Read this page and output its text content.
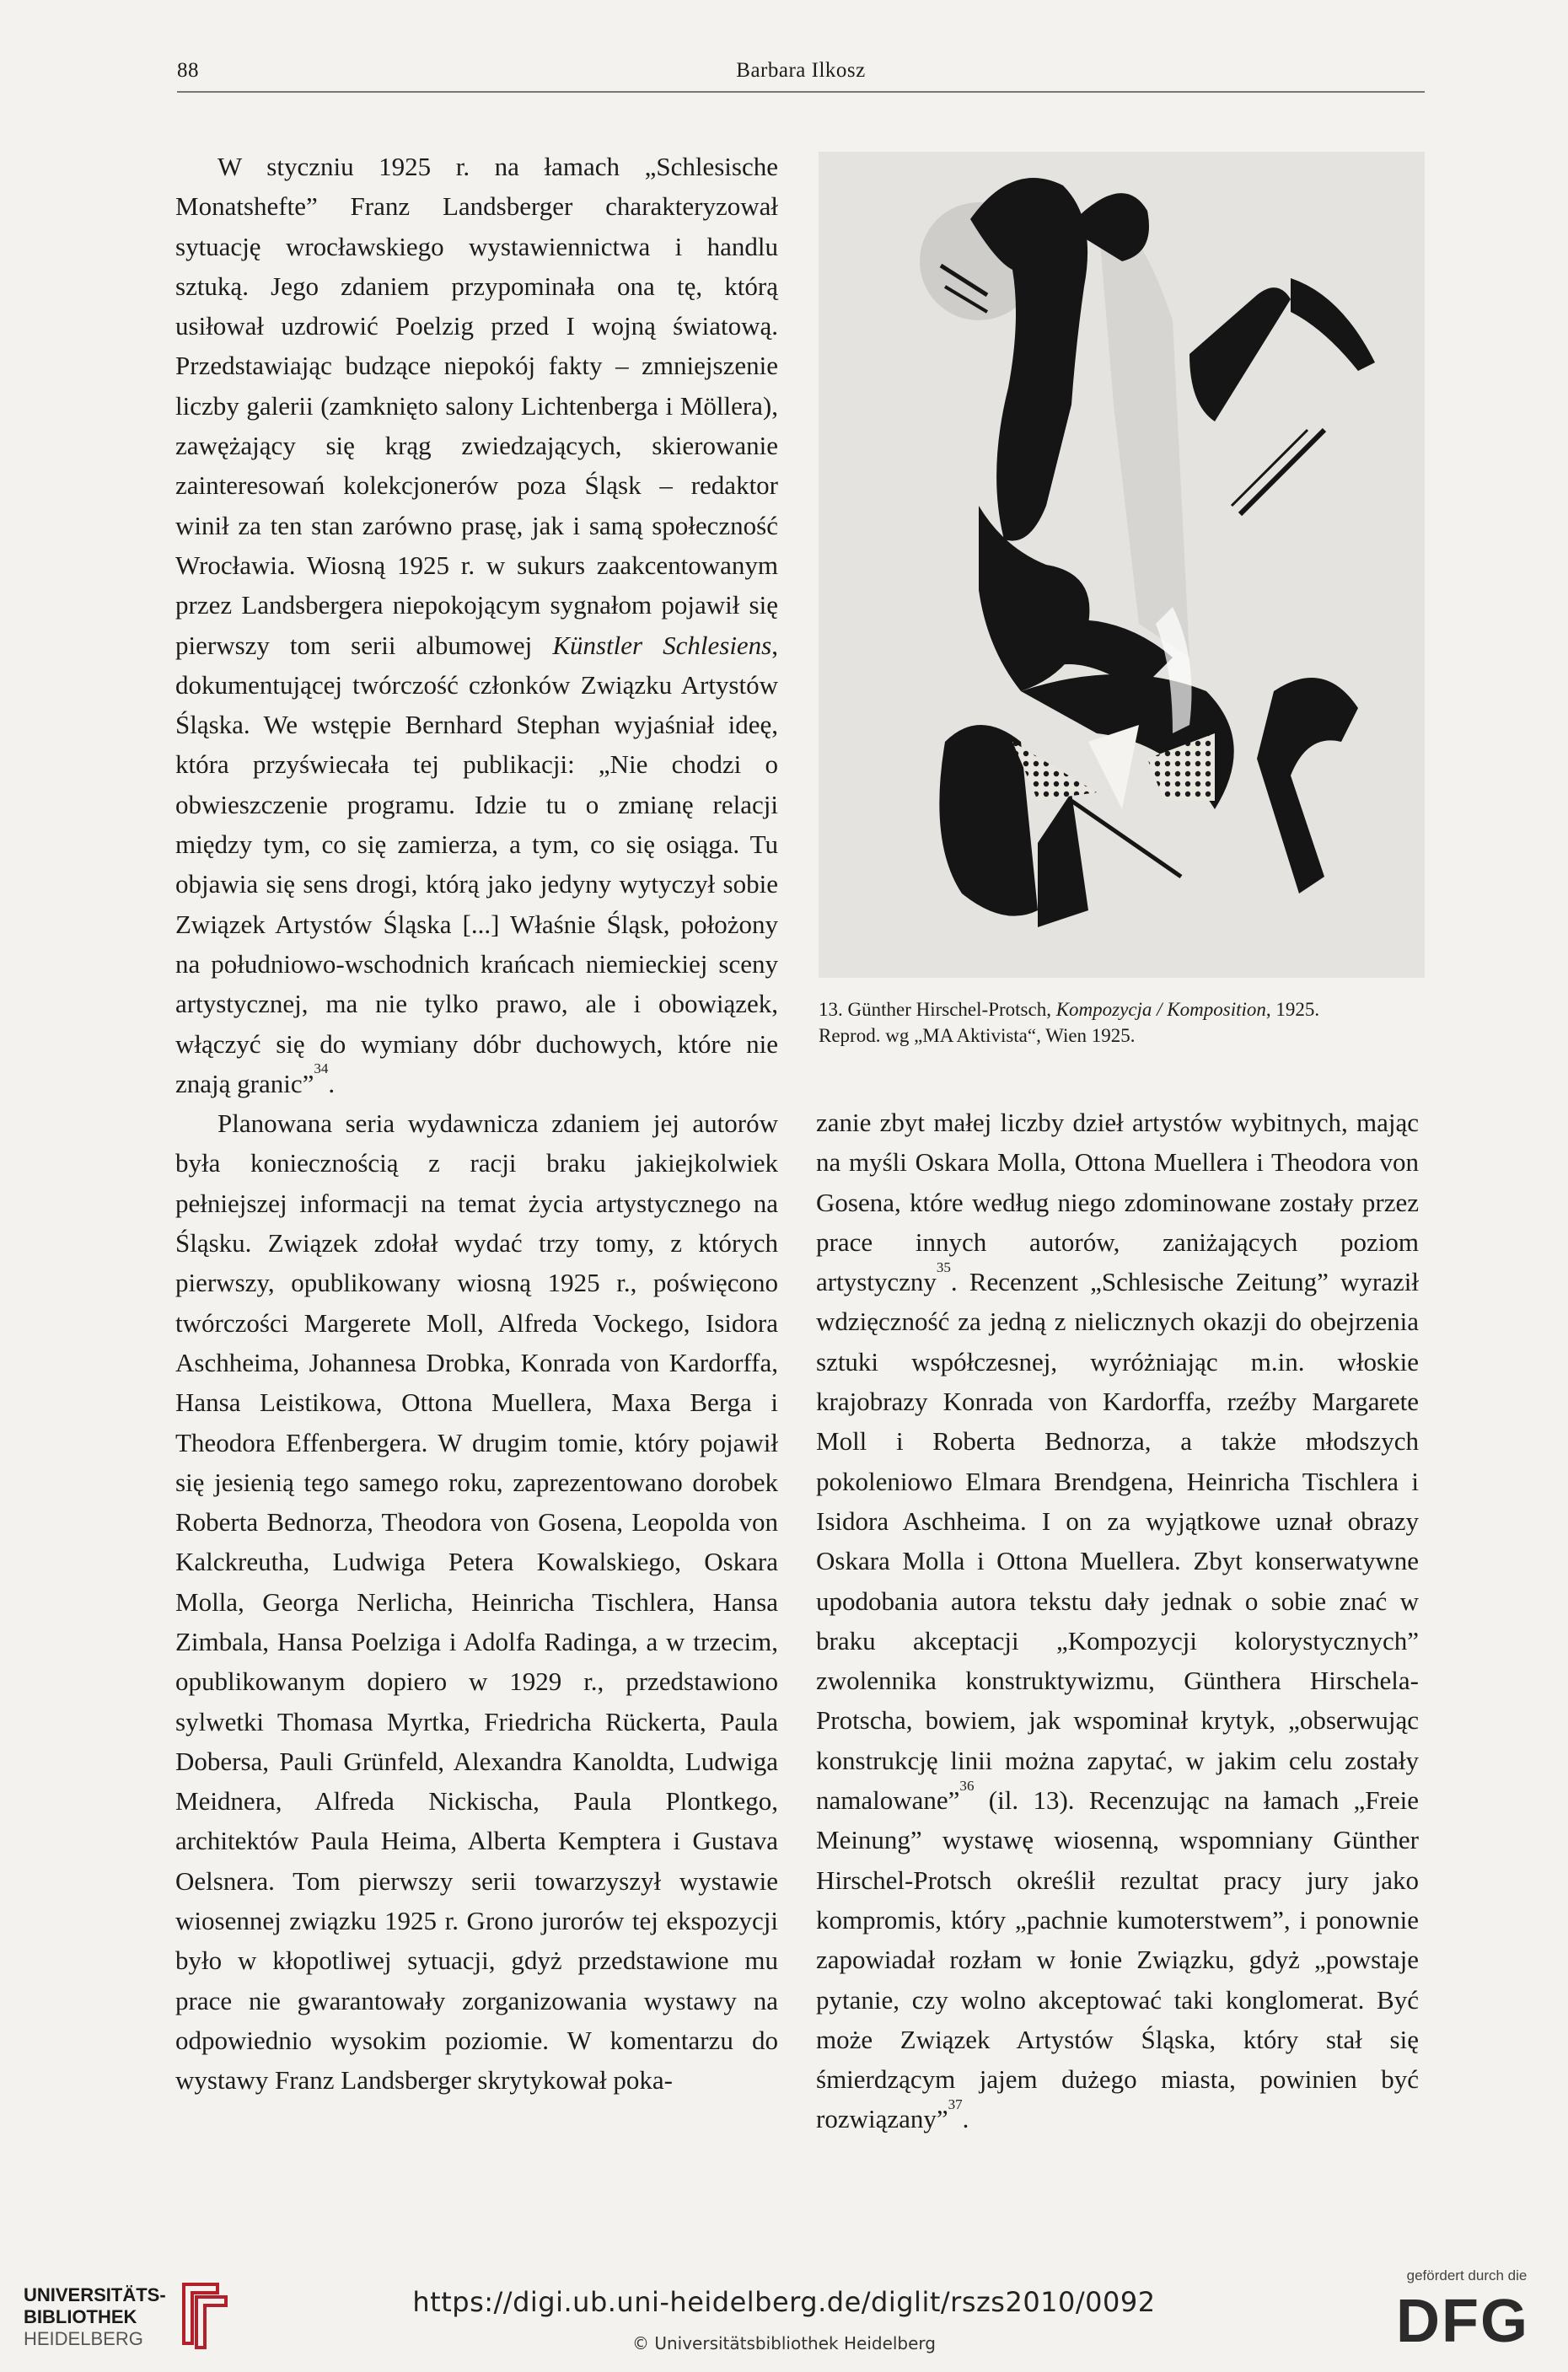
88	Barbara Ilkosz

W styczniu 1925 r. na łamach „Schlesische Monatshefte” Franz Landsberger charakteryzował sytuację wrocławskiego wystawiennictwa i handlu sztuką. Jego zdaniem przypominała ona tę, którą usiłował uzdrowić Poelzig przed I wojną światową. Przedstawiając budzące niepokój fakty – zmniejszenie liczby galerii (zamknięto salony Lichtenberga i Möllera), zawężający się krąg zwiedzających, skierowanie zainteresowań kolekcjonerów poza Śląsk – redaktor winił za ten stan zarówno prasę, jak i samą społeczność Wrocławia. Wiosną 1925 r. w sukurs zaakcentowanym przez Landsbergera niepokojącym sygnałom pojawił się pierwszy tom serii albumowej Künstler Schlesiens, dokumentującej twórczość członków Związku Artystów Śląska. We wstępie Bernhard Stephan wyjaśniał ideę, która przyświecała tej publikacji: „Nie chodzi o obwieszczenie programu. Idzie tu o zmianę relacji między tym, co się zamierza, a tym, co się osiąga. Tu objawia się sens drogi, którą jako jedyny wytyczył sobie Związek Artystów Śląska [...] Właśnie Śląsk, położony na południowo-wschodnich krańcach niemieckiej sceny artystycznej, ma nie tylko prawo, ale i obowiązek, włączyć się do wymiany dóbr duchowych, które nie znają granic”$^{34}$.

Planowana seria wydawnicza zdaniem jej autorów była koniecznością z racji braku jakiejkolwiek pełniejszej informacji na temat życia artystycznego na Śląsku. Związek zdołał wydać trzy tomy, z których pierwszy, opublikowany wiosną 1925 r., poświęcono twórczości Margerete Moll, Alfreda Vockego, Isidora Aschheima, Johannesa Drobka, Konrada von Kardorffa, Hansa Leistikowa, Ottona Muellera, Maxa Berga i Theodora Effenbergera. W drugim tomie, który pojawił się jesienią tego samego roku, zaprezentowano dorobek Roberta Bednorza, Theodora von Gosena, Leopolda von Kalckreutha, Ludwiga Petera Kowalskiego, Oskara Molla, Georga Nerlicha, Heinricha Tischlera, Hansa Zimbala, Hansa Poelziga i Adolfa Radinga, a w trzecim, opublikowanym dopiero w 1929 r., przedstawiono sylwetki Thomasa Myrtka, Friedricha Rückerta, Paula Dobersa, Pauli Grünfeld, Alexandra Kanoldta, Ludwiga Meidnera, Alfreda Nickischa, Paula Plontkego, architektów Paula Heima, Alberta Kemptera i Gustava Oelsnera. Tom pierwszy serii towarzyszył wystawie wiosennej związku 1925 r. Grono jurorów tej ekspozycji było w kłopotliwej sytuacji, gdyż przedstawione mu prace nie gwarantowały zorganizowania wystawy na odpowiednio wysokim poziomie. W komentarzu do wystawy Franz Landsberger skrytykował poka-

13. Günther Hirschel-Protsch, Kompozycja / Komposition, 1925.
Reprod. wg „MA Aktivista“, Wien 1925.

zanie zbyt małej liczby dzieł artystów wybitnych, mając na myśli Oskara Molla, Ottona Muellera i Theodora von Gosena, które według niego zdominowane zostały przez prace innych autorów, zaniżających poziom artystyczny$^{35}$. Recenzent „Schlesische Zeitung” wyraził wdzięczność za jedną z nielicznych okazji do obejrzenia sztuki współczesnej, wyróżniając m.in. włoskie krajobrazy Konrada von Kardorffa, rzeźby Margarete Moll i Roberta Bednorza, a także młodszych pokoleniowo Elmara Brendgena, Heinricha Tischlera i Isidora Aschheima. I on za wyjątkowe uznał obrazy Oskara Molla i Ottona Muellera. Zbyt konserwatywne upodobania autora tekstu dały jednak o sobie znać w braku akceptacji „Kompozycji kolorystycznych” zwolennika konstruktywizmu, Günthera Hirschela-Protscha, bowiem, jak wspominał krytyk, „obserwując konstrukcję linii można zapytać, w jakim celu zostały namalowane”$^{36}$ (il. 13). Recenzując na łamach „Freie Meinung” wystawę wiosenną, wspomniany Günther Hirschel-Protsch określił rezultat pracy jury jako kompromis, który „pachnie kumoterstwem”, i ponownie zapowiadał rozłam w łonie Związku, gdyż „powstaje pytanie, czy wolno akceptować taki konglomerat. Być może Związek Artystów Śląska, który stał się śmierdzącym jajem dużego miasta, powinien być rozwiązany”$^{37}$.

UNIVERSITÄTS-
BIBLIOTHEK
HEIDELBERG
https://digi.ub.uni-heidelberg.de/diglit/rszs2010/0092
© Universitätsbibliothek Heidelberg
gefördert durch die
DFG
